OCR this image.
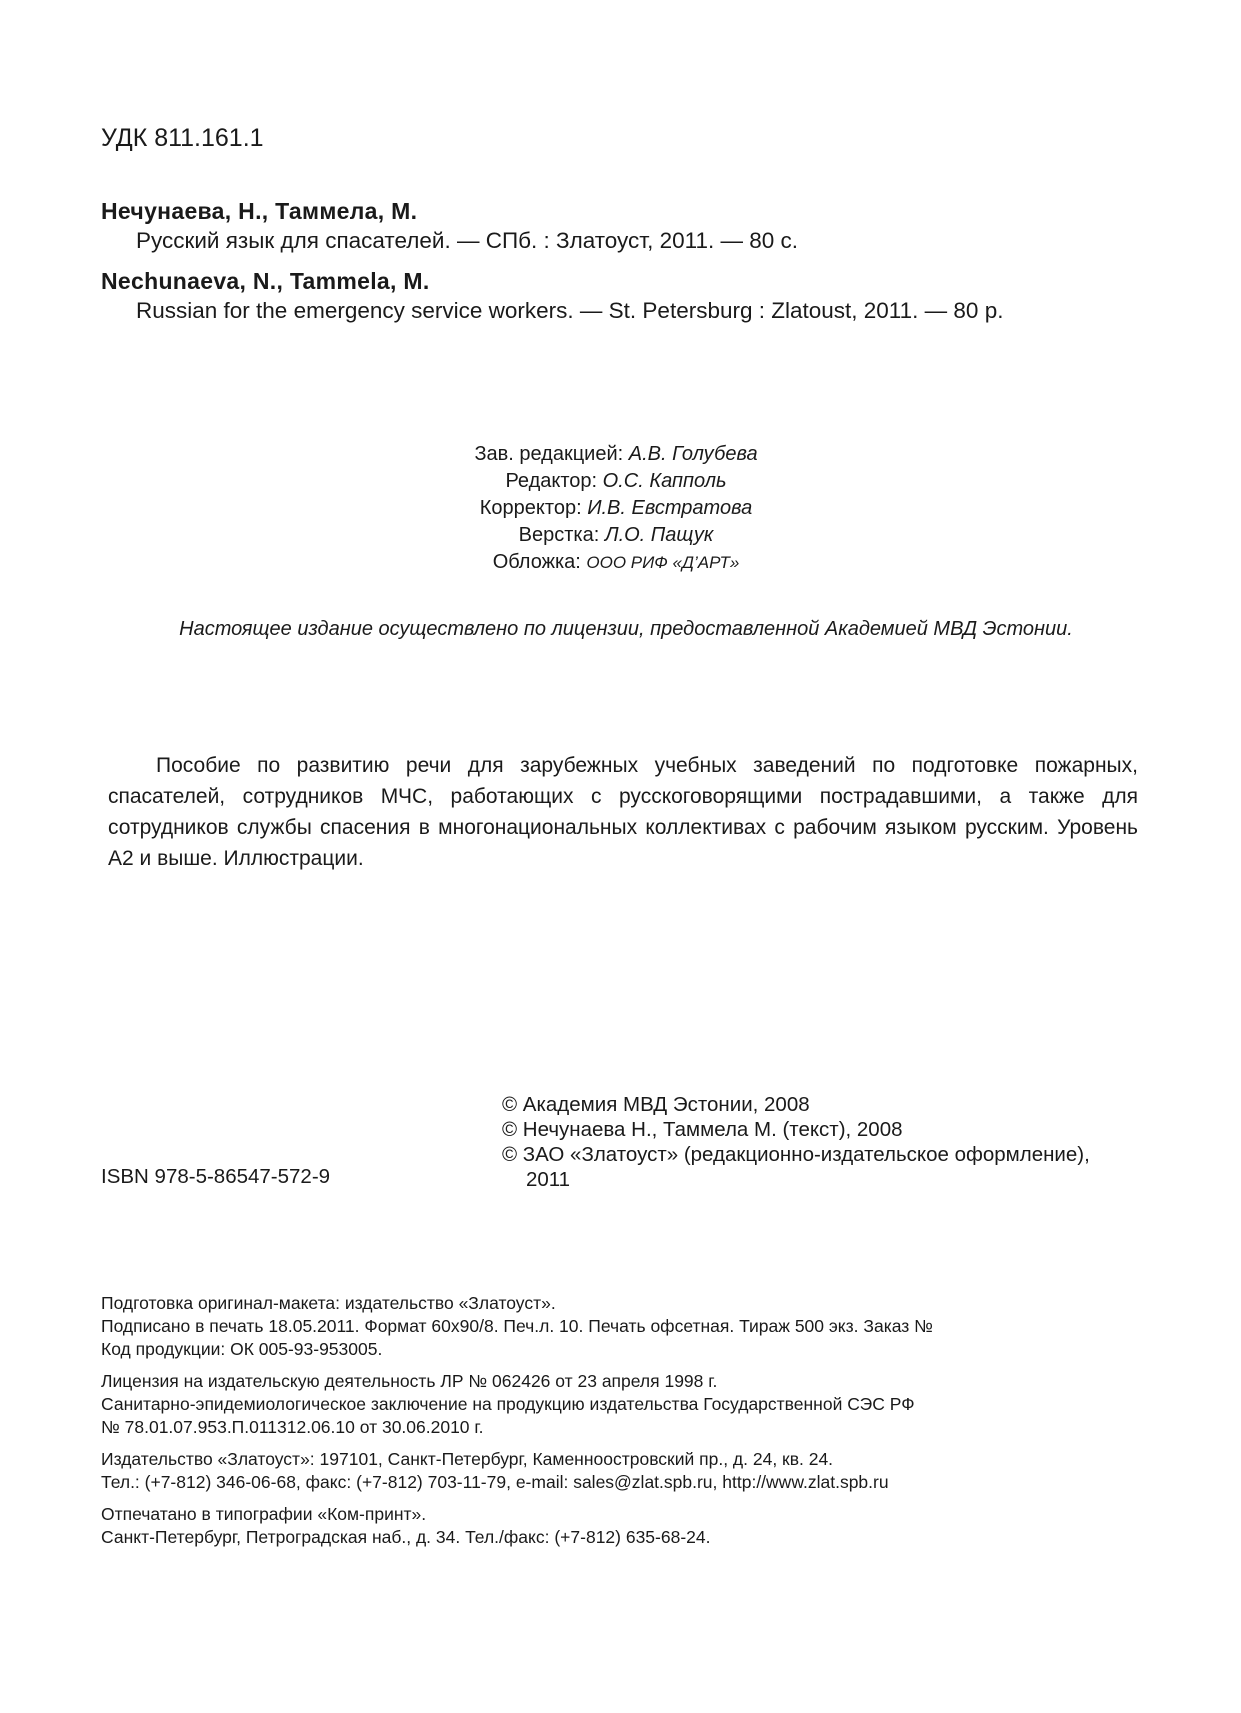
УДК 811.161.1
Нечунаева, Н., Таммела, М.
Русский язык для спасателей. — СПб. : Златоуст, 2011. — 80 с.
Nechunaeva, N., Tammela, M.
Russian for the emergency service workers. — St. Petersburg : Zlatoust, 2011. — 80 p.
Зав. редакцией: А.В. Голубева
Редактор: О.С. Капполь
Корректор: И.В. Евстратова
Верстка: Л.О. Пащук
Обложка: ООО РИФ «Д’АРТ»
Настоящее издание осуществлено по лицензии, предоставленной Академией МВД Эстонии.
Пособие по развитию речи для зарубежных учебных заведений по подготовке пожарных, спасателей, сотрудников МЧС, работающих с русскоговорящими пострадавшими, а также для сотрудников службы спасения в многонациональных коллективах с рабочим языком русским. Уровень А2 и выше. Иллюстрации.
© Академия МВД Эстонии, 2008
© Нечунаева Н., Таммела М. (текст), 2008
© ЗАО «Златоуст» (редакционно-издательское оформление),
2011
ISBN 978-5-86547-572-9
Подготовка оригинал-макета: издательство «Златоуст».
Подписано в печать 18.05.2011. Формат 60х90/8. Печ.л. 10. Печать офсетная. Тираж 500 экз. Заказ №
Код продукции: ОК 005-93-953005.
Лицензия на издательскую деятельность ЛР № 062426 от 23 апреля 1998 г.
Санитарно-эпидемиологическое заключение на продукцию издательства Государственной СЭС РФ
№ 78.01.07.953.П.011312.06.10 от 30.06.2010 г.
Издательство «Златоуст»: 197101, Санкт-Петербург, Каменноостровский пр., д. 24, кв. 24.
Тел.: (+7-812) 346-06-68, факс: (+7-812) 703-11-79, e-mail: sales@zlat.spb.ru, http://www.zlat.spb.ru
Отпечатано в типографии «Ком-принт».
Санкт-Петербург, Петроградская наб., д. 34. Тел./факс: (+7-812) 635-68-24.
